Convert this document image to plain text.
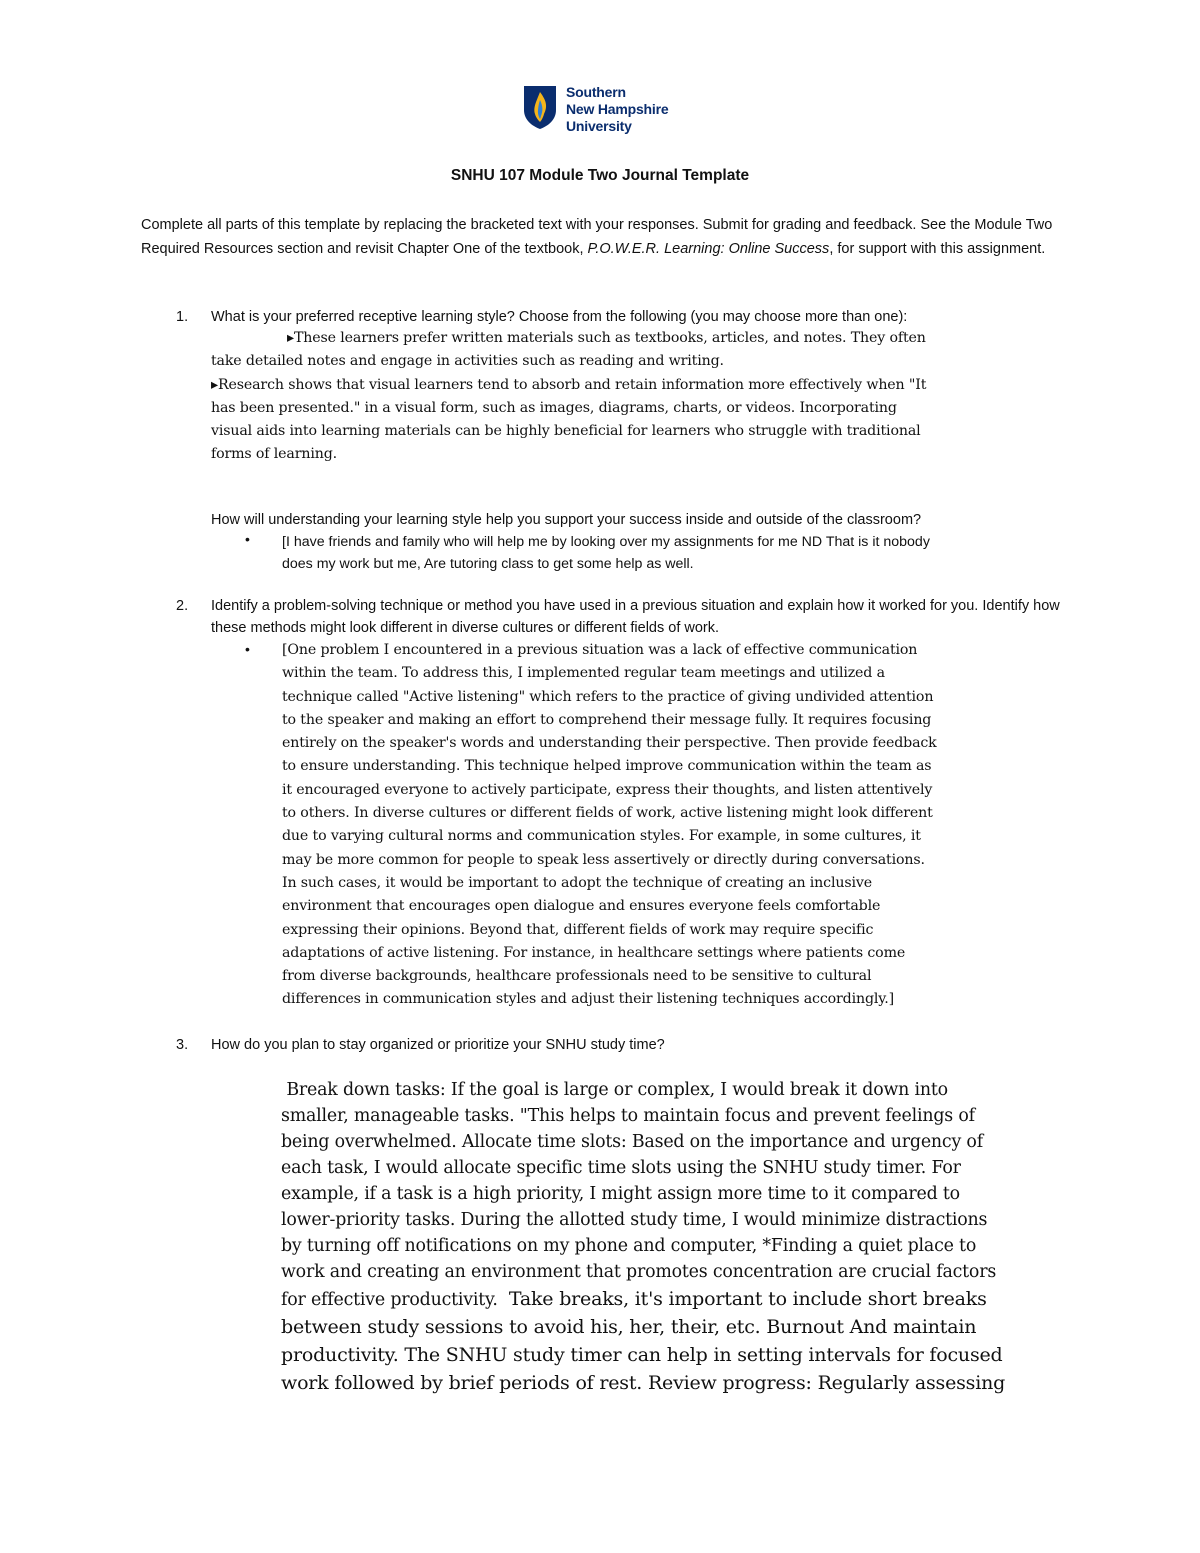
Southern
New Hampshire
University
SNHU 107 Module Two Journal Template

Complete all parts of this template by replacing the bracketed text with your responses. Submit for grading and feedback. See the Module Two Required Resources section and revisit Chapter One of the textbook, P.O.W.E.R. Learning: Online Success, for support with this assignment.

1. What is your preferred receptive learning style? Choose from the following (you may choose more than one):
▸These learners prefer written materials such as textbooks, articles, and notes. They often
take detailed notes and engage in activities such as reading and writing.
▸Research shows that visual learners tend to absorb and retain information more effectively when "It
has been presented." in a visual form, such as images, diagrams, charts, or videos. Incorporating
visual aids into learning materials can be highly beneficial for learners who struggle with traditional
forms of learning.
How will understanding your learning style help you support your success inside and outside of the classroom?
• [I have friends and family who will help me by looking over my assignments for me ND That is it nobody
does my work but me, Are tutoring class to get some help as well.
2. Identify a problem-solving technique or method you have used in a previous situation and explain how it worked for you. Identify how these methods might look different in diverse cultures or different fields of work.
• [One problem I encountered in a previous situation was a lack of effective communication
within the team. To address this, I implemented regular team meetings and utilized a
technique called "Active listening" which refers to the practice of giving undivided attention
to the speaker and making an effort to comprehend their message fully. It requires focusing
entirely on the speaker's words and understanding their perspective. Then provide feedback
to ensure understanding. This technique helped improve communication within the team as
it encouraged everyone to actively participate, express their thoughts, and listen attentively
to others. In diverse cultures or different fields of work, active listening might look different
due to varying cultural norms and communication styles. For example, in some cultures, it
may be more common for people to speak less assertively or directly during conversations.
In such cases, it would be important to adopt the technique of creating an inclusive
environment that encourages open dialogue and ensures everyone feels comfortable
expressing their opinions. Beyond that, different fields of work may require specific
adaptations of active listening. For instance, in healthcare settings where patients come
from diverse backgrounds, healthcare professionals need to be sensitive to cultural
differences in communication styles and adjust their listening techniques accordingly.]
3. How do you plan to stay organized or prioritize your SNHU study time?
Break down tasks: If the goal is large or complex, I would break it down into
smaller, manageable tasks. "This helps to maintain focus and prevent feelings of
being overwhelmed. Allocate time slots: Based on the importance and urgency of
each task, I would allocate specific time slots using the SNHU study timer. For
example, if a task is a high priority, I might assign more time to it compared to
lower-priority tasks. During the allotted study time, I would minimize distractions
by turning off notifications on my phone and computer, *Finding a quiet place to
work and creating an environment that promotes concentration are crucial factors
for effective productivity.  Take breaks, it's important to include short breaks
between study sessions to avoid his, her, their, etc. Burnout And maintain
productivity. The SNHU study timer can help in setting intervals for focused
work followed by brief periods of rest. Review progress: Regularly assessing
